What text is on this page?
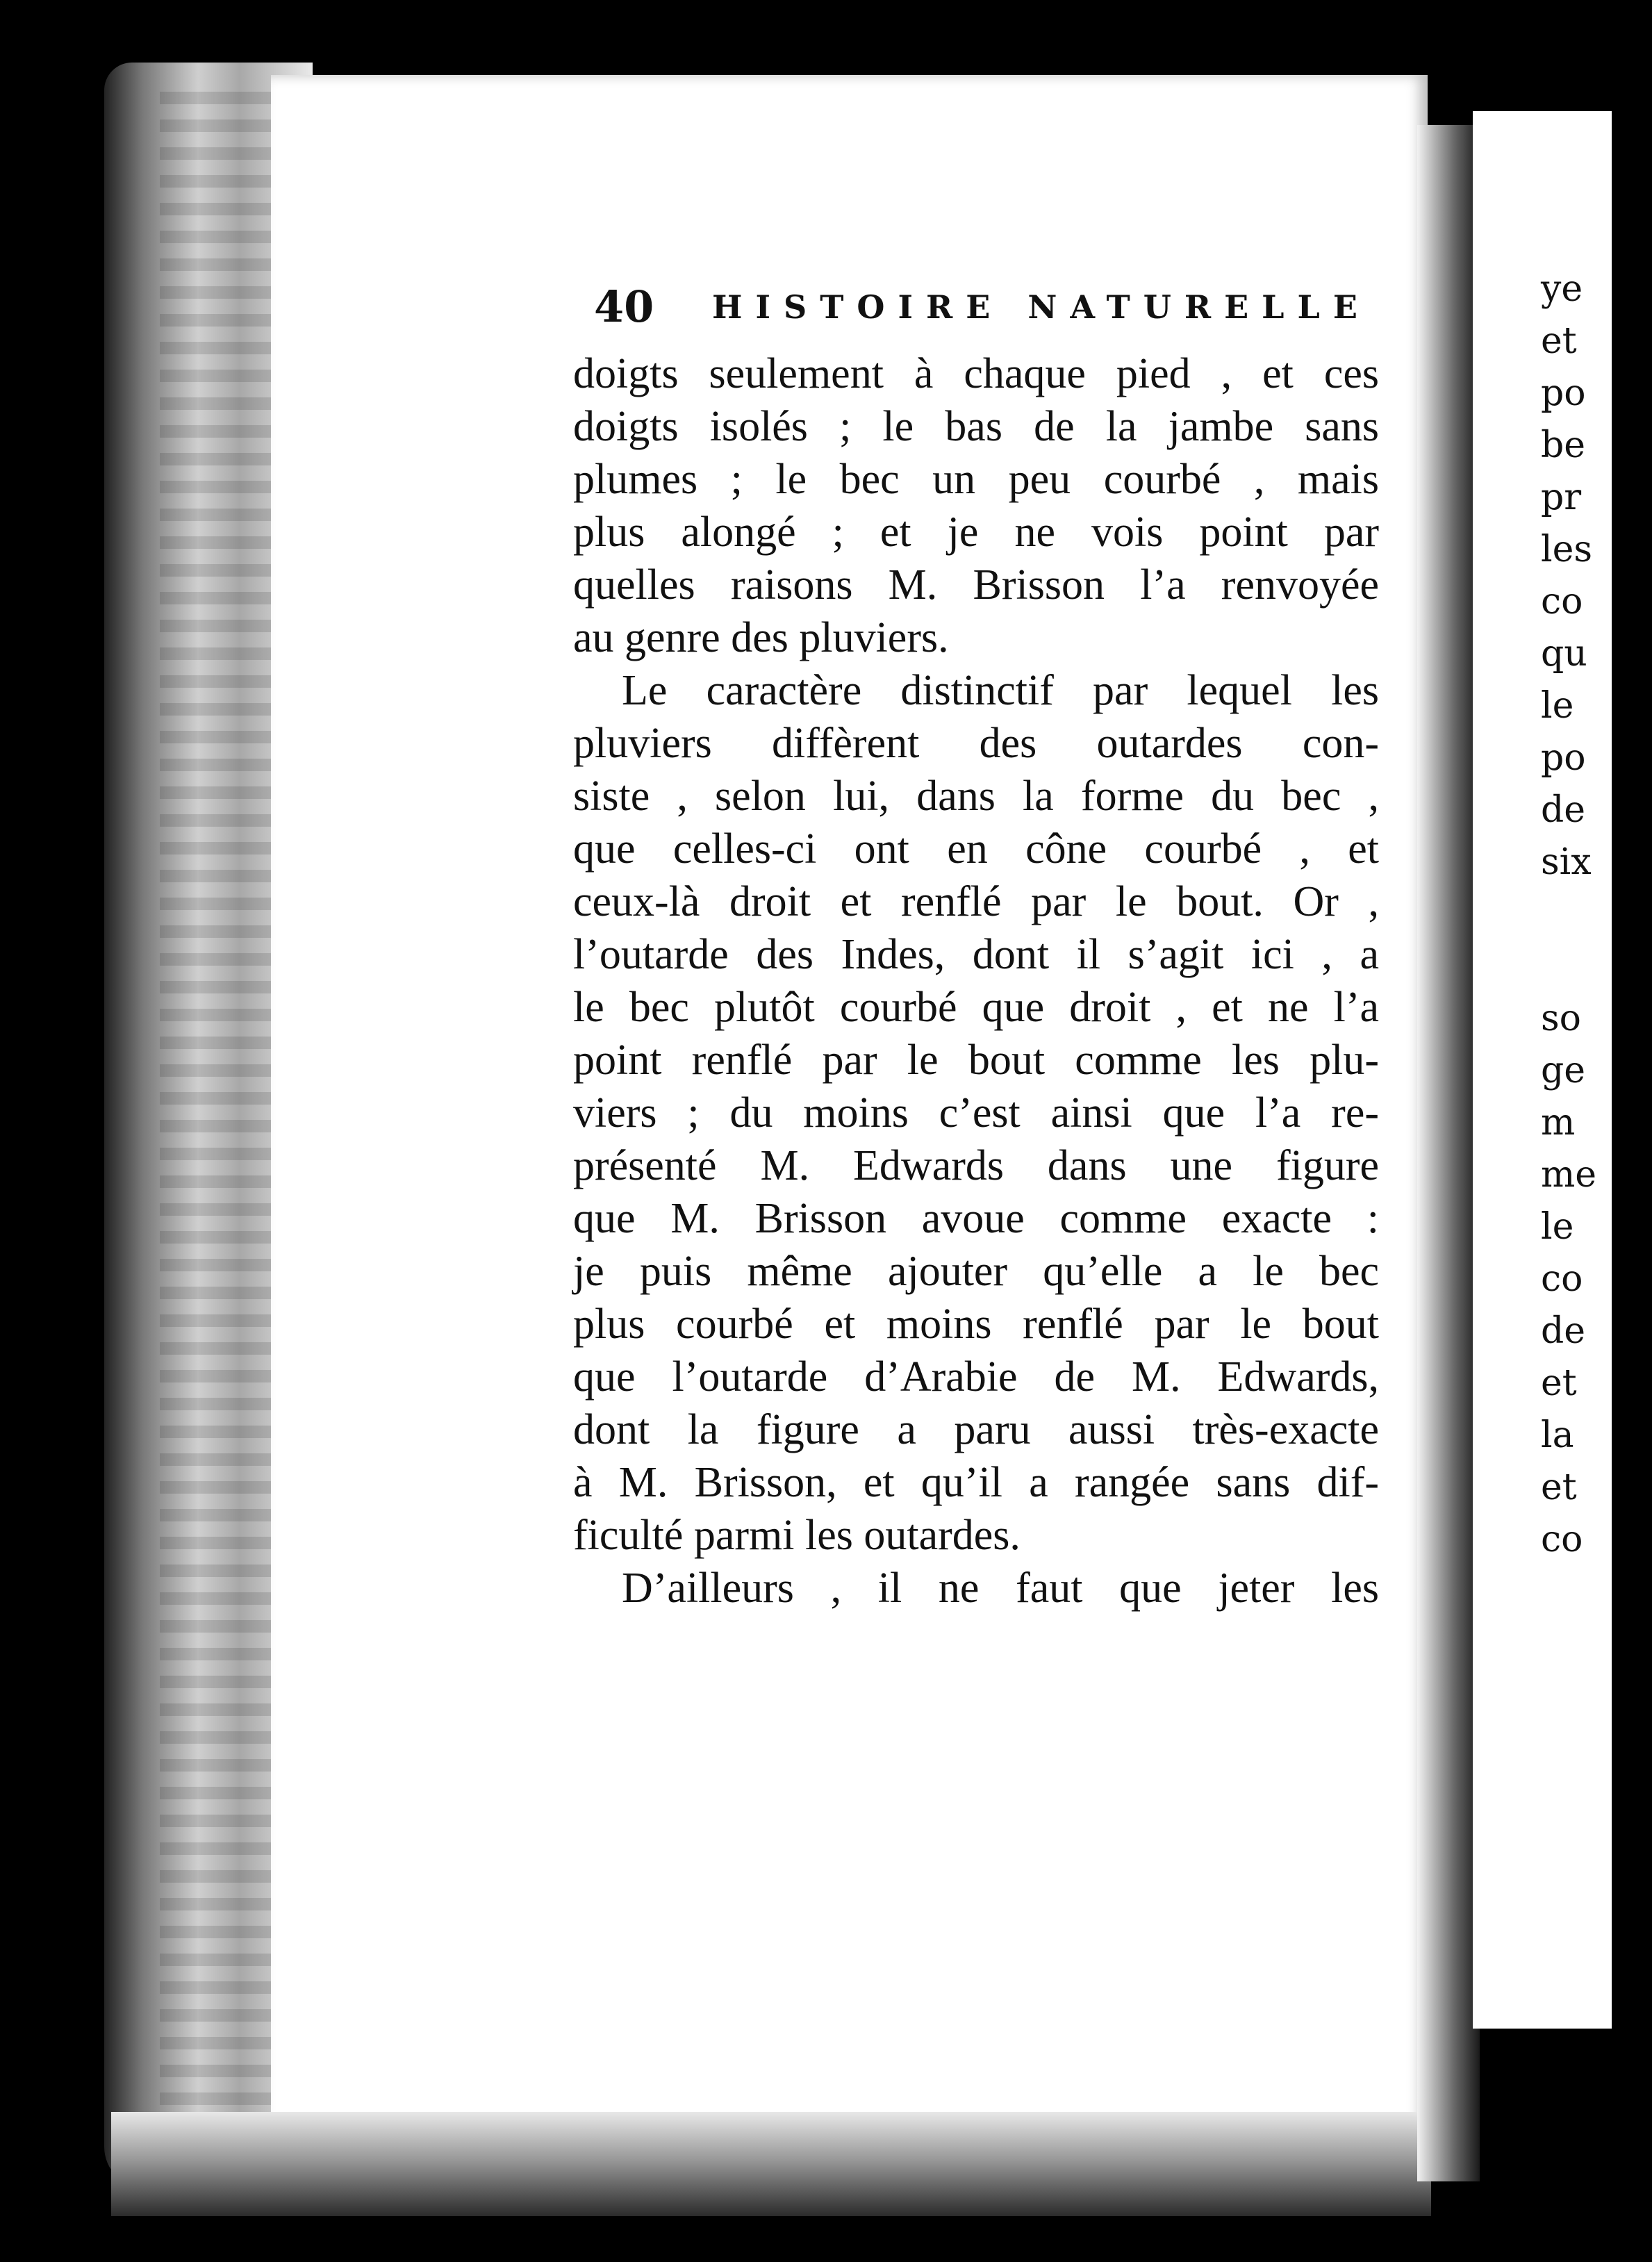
ye
et
po
be
pr
les
co
qu
le
po
de
six
so
ge
m
me
le
co
de
et
la
et
co
40 HISTOIRE NATURELLE
doigts seulement à chaque pied , et ces
doigts isolés ; le bas de la jambe sans
plumes ; le bec un peu courbé , mais
plus alongé ; et je ne vois point par
quelles raisons M. Brisson l’a renvoyée
au genre des pluviers.
Le caractère distinctif par lequel les
pluviers diffèrent des outardes con-
siste , selon lui, dans la forme du bec ,
que celles-ci ont en cône courbé , et
ceux-là droit et renflé par le bout. Or ,
l’outarde des Indes, dont il s’agit ici , a
le bec plutôt courbé que droit , et ne l’a
point renflé par le bout comme les plu-
viers ; du moins c’est ainsi que l’a re-
présenté M. Edwards dans une figure
que M. Brisson avoue comme exacte :
je puis même ajouter qu’elle a le bec
plus courbé et moins renflé par le bout
que l’outarde d’Arabie de M. Edwards,
dont la figure a paru aussi très-exacte
à M. Brisson, et qu’il a rangée sans dif-
ficulté parmi les outardes.
D’ailleurs , il ne faut que jeter les
